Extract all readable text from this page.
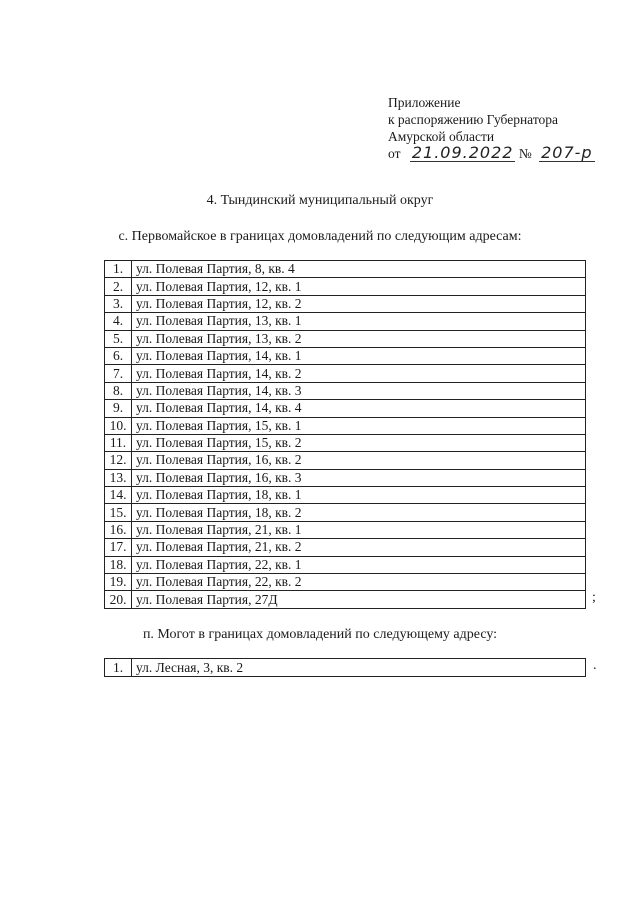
Приложение
к распоряжению Губернатора
Амурской области
от 21.09.2022 № 207-р
4. Тындинский муниципальный округ
с. Первомайское в границах домовладений по следующим адресам:
1.	ул. Полевая Партия, 8, кв. 4
2.	ул. Полевая Партия, 12, кв. 1
3.	ул. Полевая Партия, 12, кв. 2
4.	ул. Полевая Партия, 13, кв. 1
5.	ул. Полевая Партия, 13, кв. 2
6.	ул. Полевая Партия, 14, кв. 1
7.	ул. Полевая Партия, 14, кв. 2
8.	ул. Полевая Партия, 14, кв. 3
9.	ул. Полевая Партия, 14, кв. 4
10.	ул. Полевая Партия, 15, кв. 1
11.	ул. Полевая Партия, 15, кв. 2
12.	ул. Полевая Партия, 16, кв. 2
13.	ул. Полевая Партия, 16, кв. 3
14.	ул. Полевая Партия, 18, кв. 1
15.	ул. Полевая Партия, 18, кв. 2
16.	ул. Полевая Партия, 21, кв. 1
17.	ул. Полевая Партия, 21, кв. 2
18.	ул. Полевая Партия, 22, кв. 1
19.	ул. Полевая Партия, 22, кв. 2
20.	ул. Полевая Партия, 27Д	;
п. Могот в границах домовладений по следующему адресу:
1.	ул. Лесная, 3, кв. 2	.
